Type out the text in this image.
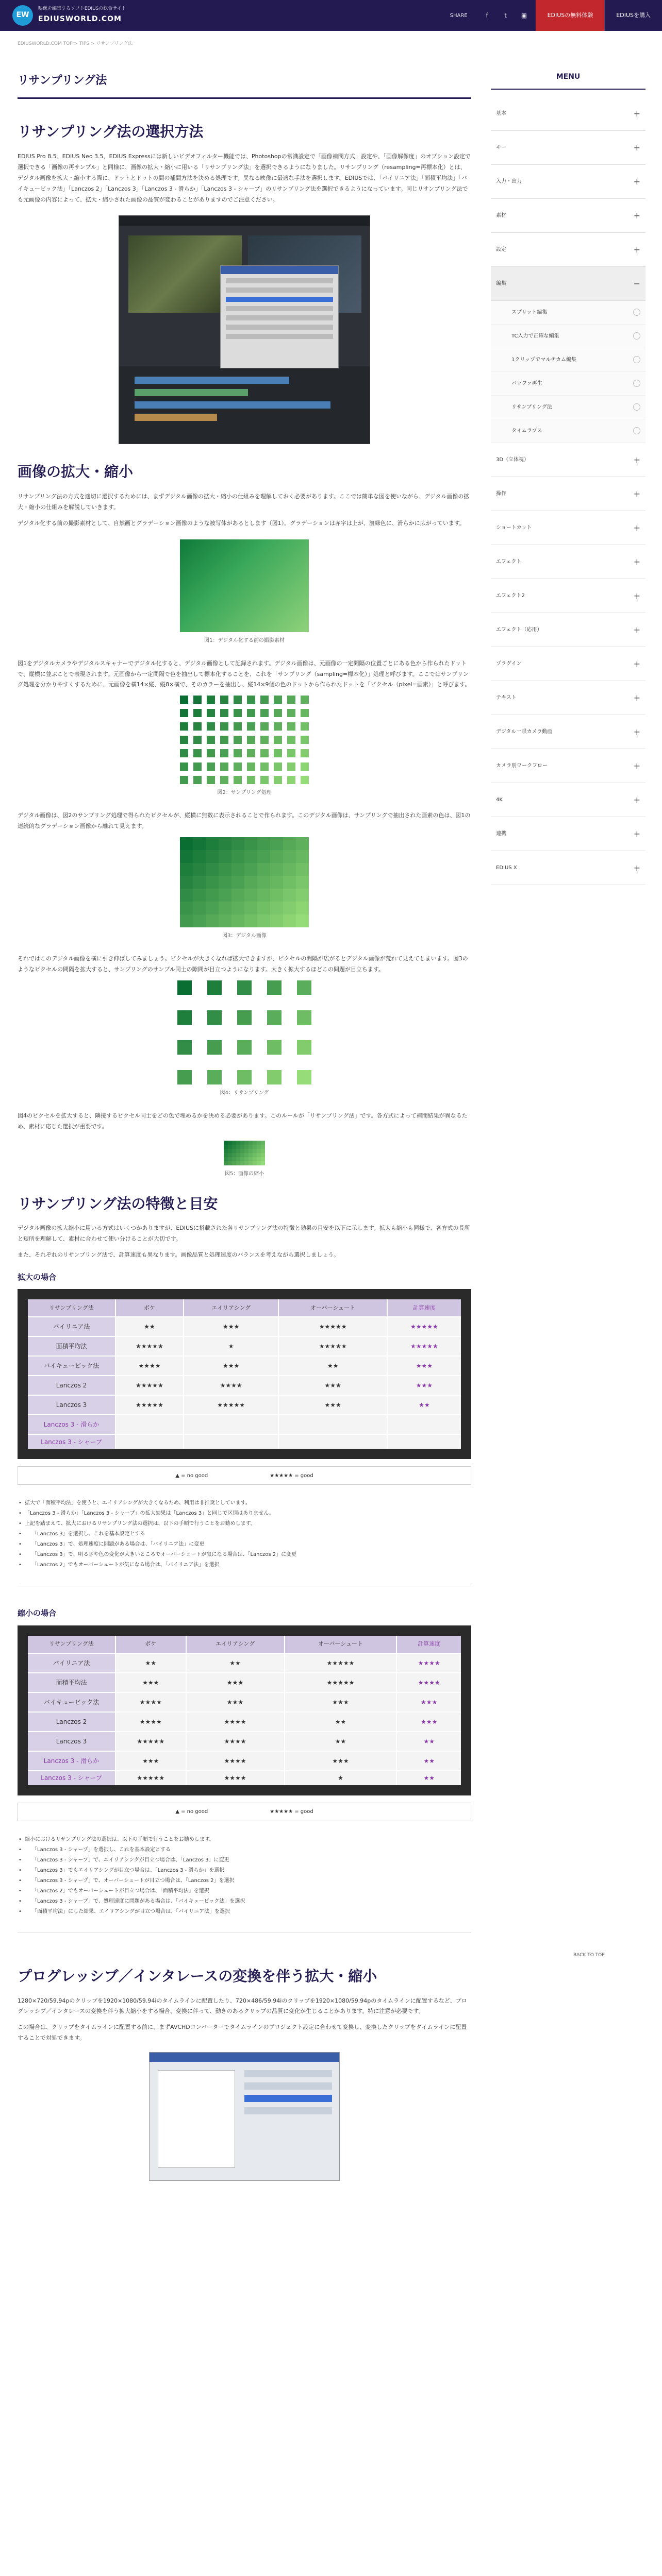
EW
映像を編集するソフトEDIUSの総合サイト
EDIUSWORLD.COM	SHARE	f	t	▣	EDIUSの無料体験	EDIUSを購入
EDIUSWORLD.COM TOP > TIPS > リサンプリング法
リサンプリング法
リサンプリング法の選択方法

EDIUS Pro 8.5、EDIUS Neo 3.5、EDIUS Expressには新しいビデオフィルター機能では、Photoshopの常識設定で「画像補間方式」設定や、「画像解像度」のオプション設定で選択できる「画像の再サンプル」と同様に、画像の拡大・縮小に用いる「リサンプリング法」を選択できるようになりました。リサンプリング（resampling=再標本化）とは、デジタル画像を拡大・縮小する際に、ドットとドットの間の補間方法を決める処理です。異なる映像に最適な手法を選択します。EDIUSでは、「バイリニア法」「面積平均法」「バイキュービック法」「Lanczos 2」「Lanczos 3」「Lanczos 3 - 滑らか」「Lanczos 3 - シャープ」のリサンプリング法を選択できるようになっています。同じリサンプリング法でも元画像の内容によって、拡大・縮小された画像の品質が変わることがありますのでご注意ください。

画像の拡大・縮小

リサンプリング法の方式を適切に選択するためには、まずデジタル画像の拡大・縮小の仕組みを理解しておく必要があります。ここでは簡単な図を使いながら、デジタル画像の拡大・縮小の仕組みを解説していきます。

デジタル化する前の撮影素材として、自然画とグラデーション画像のような被写体があるとします（図1）。グラデーションは赤字は上が、濃緑色に、滑らかに広がっています。

図1：デジタル化する前の撮影素材

図1をデジタルカメラやデジタルスキャナーでデジタル化すると、デジタル画像として記録されます。デジタル画像は、元画像の一定間隔の位置ごとにある色から作られたドットで、縦横に並ぶことで表現されます。元画像から一定間隔で色を抽出して標本化することを、これを「サンプリング（sampling=標本化）」処理と呼びます。ここではサンプリング処理を分かりやすくするために、元画像を横14×縦、縦8×横で、そのカラーを抽出し、縦14×9個の色のドットから作られたドットを「ピクセル（pixel=画素）」と呼びます。

図2：サンプリング処理

デジタル画像は、図2のサンプリング処理で得られたピクセルが、縦横に無数に表示されることで作られます。このデジタル画像は、サンプリングで抽出された画素の色は、図1の連続的なグラデーション画像から離れて見えます。

図3：デジタル画像

それではこのデジタル画像を横に引き伸ばしてみましょう。ピクセルが大きくなれば拡大できますが、ピクセルの間隔が広がるとデジタル画像が荒れて見えてしまいます。図3のようなピクセルの間隔を拡大すると、サンプリングのサンプル同士の隙間が目立つようになります。大きく拡大するほどこの問題が目立ちます。

図4：リサンプリング

図4のピクセルを拡大すると、隣接するピクセル同士をどの色で埋めるかを決める必要があります。このルールが「リサンプリング法」です。各方式によって補間結果が異なるため、素材に応じた選択が重要です。

図5：画像の縮小
リサンプリング法の特徴と目安

デジタル画像の拡大縮小に用いる方式はいくつかありますが、EDIUSに搭載された各リサンプリング法の特徴と効果の目安を以下に示します。拡大も縮小も同様で、各方式の長所と短所を理解して、素材に合わせて使い分けることが大切です。

また、それぞれのリサンプリング法で、計算速度も異なります。画像品質と処理速度のバランスを考えながら選択しましょう。

拡大の場合
リサンプリング法	ボケ	エイリアシング	オーバーシュート	計算速度
バイリニア法	★★	★★★	★★★★★	★★★★★
面積平均法	★★★★★	★	★★★★★	★★★★★
バイキュービック法	★★★★	★★★	★★	★★★
Lanczos 2	★★★★★	★★★★	★★★	★★★
Lanczos 3	★★★★★	★★★★★	★★★	★★
Lanczos 3 - 滑らか				
Lanczos 3 - シャープ				
▲ = no good	★★★★★ = good
• 拡大で「面積平均法」を使うと、エイリアシングが大きくなるため、利用は非推奨としています。
• 「Lanczos 3 - 滑らか」「Lanczos 3 - シャープ」の拡大効果は「Lanczos 3」と同じで区別はありません。
• 上記を踏まえて、拡大におけるリサンプリング法の選択は、以下の手順で行うことをお勧めします。
• 「Lanczos 3」を選択し、これを基本設定とする
• 「Lanczos 3」で、処理速度に問題がある場合は、「バイリニア法」に変更
• 「Lanczos 3」で、明るさや色の変化が大きいところでオーバーシュートが気になる場合は、「Lanczos 2」に変更
• 「Lanczos 2」でもオーバーシュートが気になる場合は、「バイリニア法」を選択
縮小の場合
リサンプリング法	ボケ	エイリアシング	オーバーシュート	計算速度
バイリニア法	★★	★★	★★★★★	★★★★
面積平均法	★★★	★★★	★★★★★	★★★★
バイキュービック法	★★★★	★★★	★★★	★★★
Lanczos 2	★★★★	★★★★	★★	★★★
Lanczos 3	★★★★★	★★★★	★★	★★
Lanczos 3 - 滑らか	★★★	★★★★	★★★	★★
Lanczos 3 - シャープ	★★★★★	★★★★	★	★★
▲ = no good	★★★★★ = good
• 縮小におけるリサンプリング法の選択は、以下の手順で行うことをお勧めします。
• 「Lanczos 3 - シャープ」を選択し、これを基本設定とする
• 「Lanczos 3 - シャープ」で、エイリアシングが目立つ場合は、「Lanczos 3」に変更
• 「Lanczos 3」でもエイリアシングが目立つ場合は、「Lanczos 3 - 滑らか」を選択
• 「Lanczos 3 - シャープ」で、オーバーシュートが目立つ場合は、「Lanczos 2」を選択
• 「Lanczos 2」でもオーバーシュートが目立つ場合は、「面積平均法」を選択
• 「Lanczos 3 - シャープ」で、処理速度に問題がある場合は、「バイキュービック法」を選択
• 「面積平均法」にした結果、エイリアシングが目立つ場合は、「バイリニア法」を選択
プログレッシブ／インタレースの変換を伴う拡大・縮小

1280×720/59.94pのクリップを1920×1080/59.94iのタイムラインに配置したり、720×486/59.94iのクリップを1920×1080/59.94pのタイムラインに配置するなど、プログレッシブ／インタレースの変換を伴う拡大縮小をする場合、変換に伴って、動きのあるクリップの品質に変化が生じることがあります。特に注意が必要です。

この場合は、クリップをタイムラインに配置する前に、まずAVCHDコンバーターでタイムラインのプロジェクト設定に合わせて変換し、変換したクリップをタイムラインに配置することで対処できます。

BACK TO TOP
MENU
基本	+
キー	+
入力・出力	+
素材	+
設定	+
編集	−
スプリット編集
TC入力で正確な編集
1クリップでマルチカム編集
バッファ再生
リサンプリング法
タイムラプス
3D（立体視）	+
操作	+
ショートカット	+
エフェクト	+
エフェクト2	+
エフェクト（応用）	+
プラグイン	+
テキスト	+
デジタル一眼カメラ動画	+
カメラ別ワークフロー	+
4K	+
連携	+
EDIUS X	+
